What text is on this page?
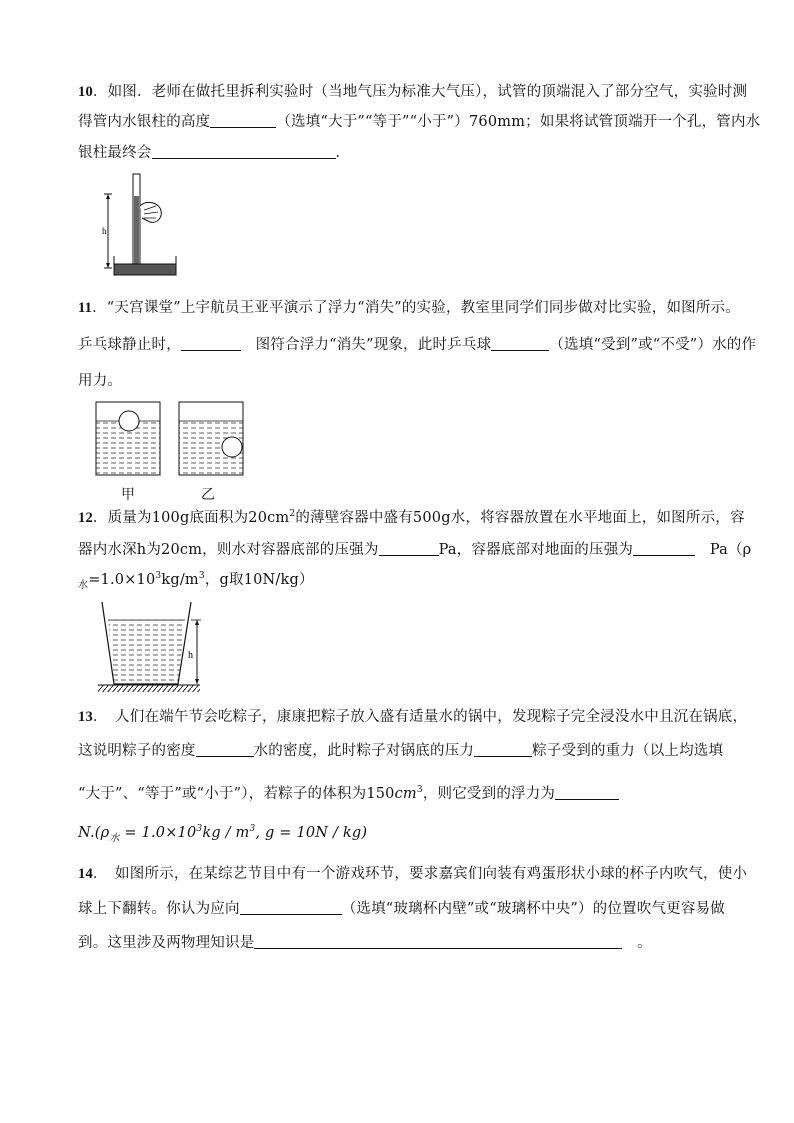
10．如图．老师在做托里拆利实验时（当地气压为标准大气压），试管的顶端混入了部分空气，实验时测
得管内水银柱的高度	（选填“大于”“等于”“小于”）760mm；如果将试管顶端开一个孔，管内水
银柱最终会	．
h
11．“天宫课堂”上宇航员王亚平演示了浮力“消失”的实验，教室里同学们同步做对比实验，如图所示。
乒乓球静止时，　	图符合浮力“消失”现象，此时乒乓球	（选填“受到”或“不受”）水的作
用力。
甲	乙
12．质量为100g底面积为$20cm^2$的薄壁容器中盛有500g水，将容器放置在水平地面上，如图所示，容
器内水深h为20cm，则水对容器底部的压强为	Pa，容器底部对地面的压强为　	Pa（ρ
$_水=1.0\times 10^3kg/m^3$，g取10N/kg）
h
13．　人们在端午节会吃粽子，康康把粽子放入盛有适量水的锅中，发现粽子完全浸没水中且沉在锅底，
这说明粽子的密度	水的密度，此时粽子对锅底的压力	粽子受到的重力（以上均选填
“大于”、“等于”或“小于”），若粽子的体积为$150cm^3$，则它受到的浮力为
$N.(\rho_水 = 1.0\times 10^3kg / m^3$, g = 10N / kg)
14．　如图所示，在某综艺节目中有一个游戏环节，要求嘉宾们向装有鸡蛋形状小球的杯子内吹气，使小
球上下翻转。你认为应向	（选填“玻璃杯内壁”或“玻璃杯中央”）的位置吹气更容易做
到。这里涉及两物理知识是　	。
